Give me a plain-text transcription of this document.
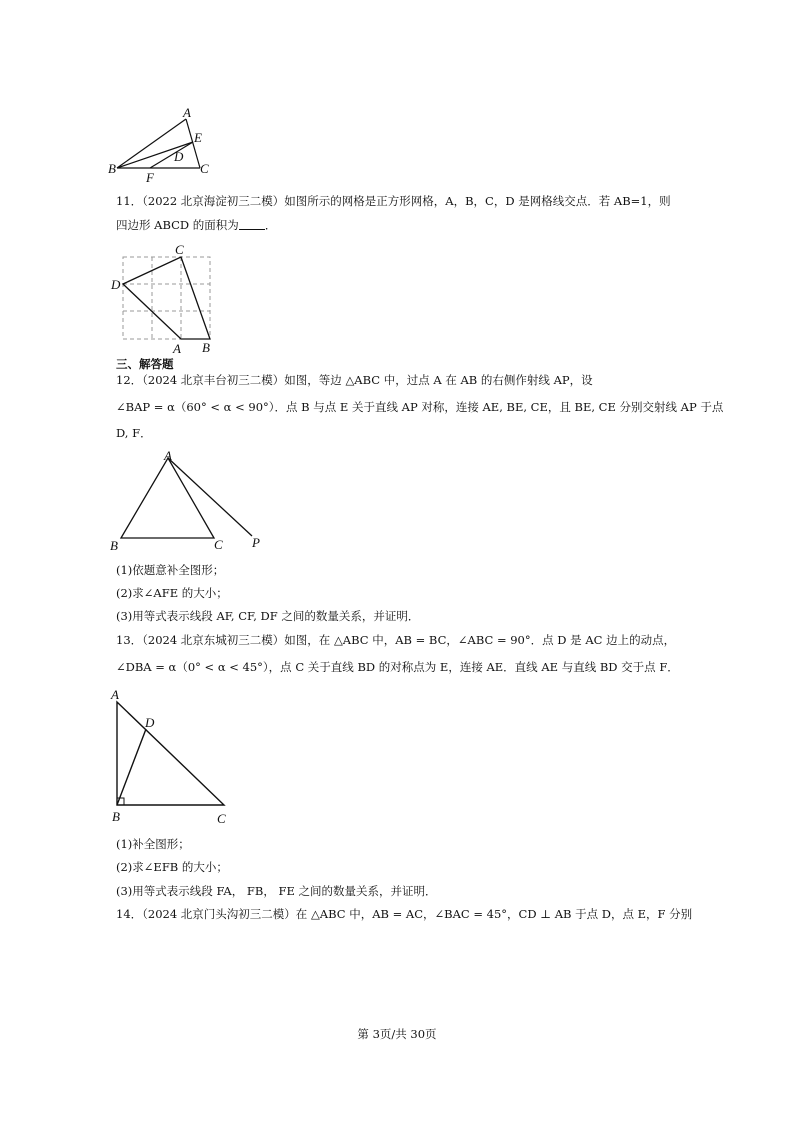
A
B	C
D
E
F
11．（2022 北京海淀初三二模）如图所示的网格是正方形网格，A，B，C，D 是网格线交点．若 AB=1，则
四边形 ABCD 的面积为 ．
C
D
A B
三、解答题
12．（2024 北京丰台初三二模）如图，等边 △ABC 中，过点 A 在 AB 的右侧作射线 AP，设
∠BAP = α（60° < α < 90°）．点 B 与点 E 关于直线 AP 对称，连接 AE, BE, CE，且 BE, CE 分别交射线 AP 于点
D, F．
A
B	C P
(1)依题意补全图形；
(2)求∠AFE 的大小；
(3)用等式表示线段 AF, CF, DF 之间的数量关系，并证明．
13．（2024 北京东城初三二模）如图，在 △ABC 中，AB = BC，∠ABC = 90°．点 D 是 AC 边上的动点，
∠DBA = α（0° < α < 45°），点 C 关于直线 BD 的对称点为 E，连接 AE．直线 AE 与直线 BD 交于点 F．
A
D
B	C
(1)补全图形；
(2)求∠EFB 的大小；
(3)用等式表示线段 FA， FB， FE 之间的数量关系，并证明．
14．（2024 北京门头沟初三二模）在 △ABC 中，AB = AC，∠BAC = 45°，CD ⊥ AB 于点 D，点 E，F 分别
第 3页/共 30页
